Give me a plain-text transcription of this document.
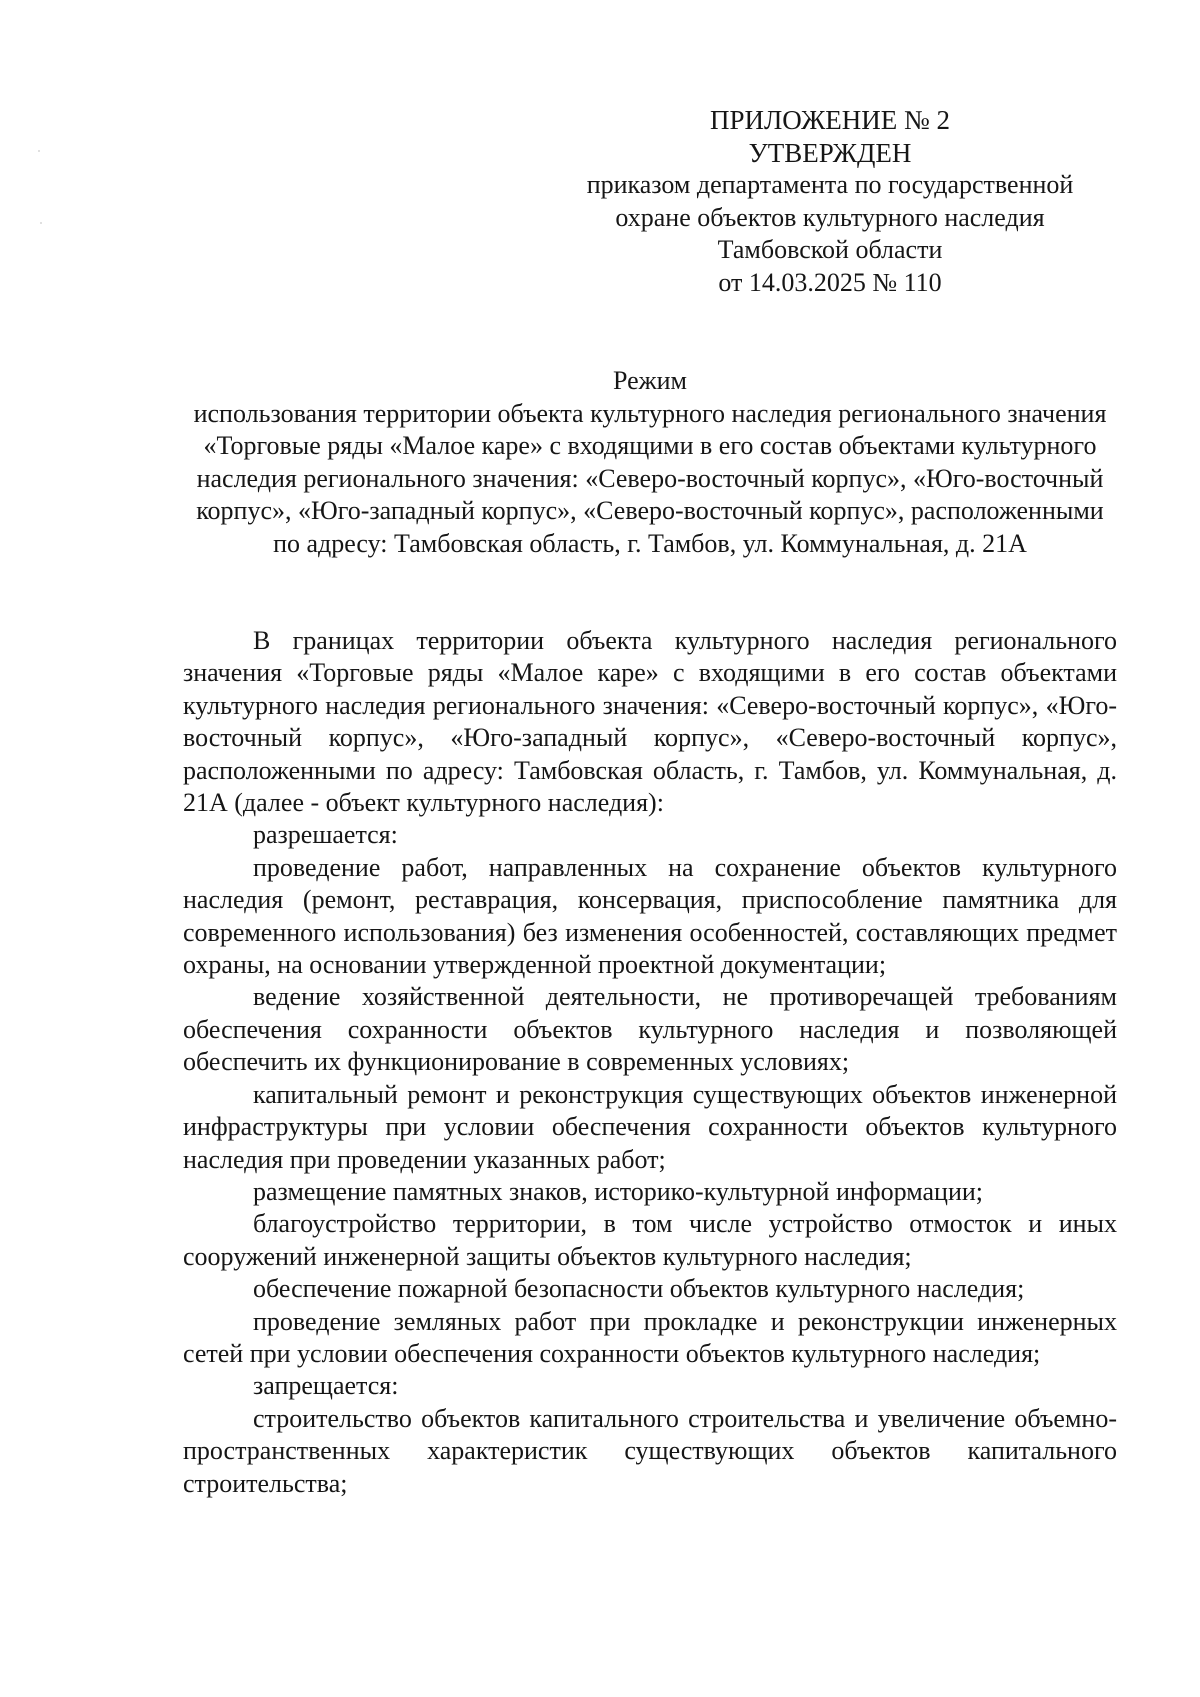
ПРИЛОЖЕНИЕ № 2
УТВЕРЖДЕН
приказом департамента по государственной
охране объектов культурного наследия
Тамбовской области
от 14.03.2025 № 110
Режим
использования территории объекта культурного наследия регионального значения «Торговые ряды «Малое каре» с входящими в его состав объектами культурного наследия регионального значения: «Северо-восточный корпус», «Юго-восточный корпус», «Юго-западный корпус», «Северо-восточный корпус», расположенными по адресу: Тамбовская область, г. Тамбов, ул. Коммунальная, д. 21А

В границах территории объекта культурного наследия регионального значения «Торговые ряды «Малое каре» с входящими в его состав объектами культурного наследия регионального значения: «Северо-восточный корпус», «Юго-восточный корпус», «Юго-западный корпус», «Северо-восточный корпус», расположенными по адресу: Тамбовская область, г. Тамбов, ул. Коммунальная, д. 21А (далее - объект культурного наследия):

разрешается:

проведение работ, направленных на сохранение объектов культурного наследия (ремонт, реставрация, консервация, приспособление памятника для современного использования) без изменения особенностей, составляющих предмет охраны, на основании утвержденной проектной документации;

ведение хозяйственной деятельности, не противоречащей требованиям обеспечения сохранности объектов культурного наследия и позволяющей обеспечить их функционирование в современных условиях;

капитальный ремонт и реконструкция существующих объектов инженерной инфраструктуры при условии обеспечения сохранности объектов культурного наследия при проведении указанных работ;

размещение памятных знаков, историко-культурной информации;

благоустройство территории, в том числе устройство отмосток и иных сооружений инженерной защиты объектов культурного наследия;

обеспечение пожарной безопасности объектов культурного наследия;

проведение земляных работ при прокладке и реконструкции инженерных сетей при условии обеспечения сохранности объектов культурного наследия;

запрещается:

строительство объектов капитального строительства и увеличение объемно-пространственных характеристик существующих объектов капитального строительства;
